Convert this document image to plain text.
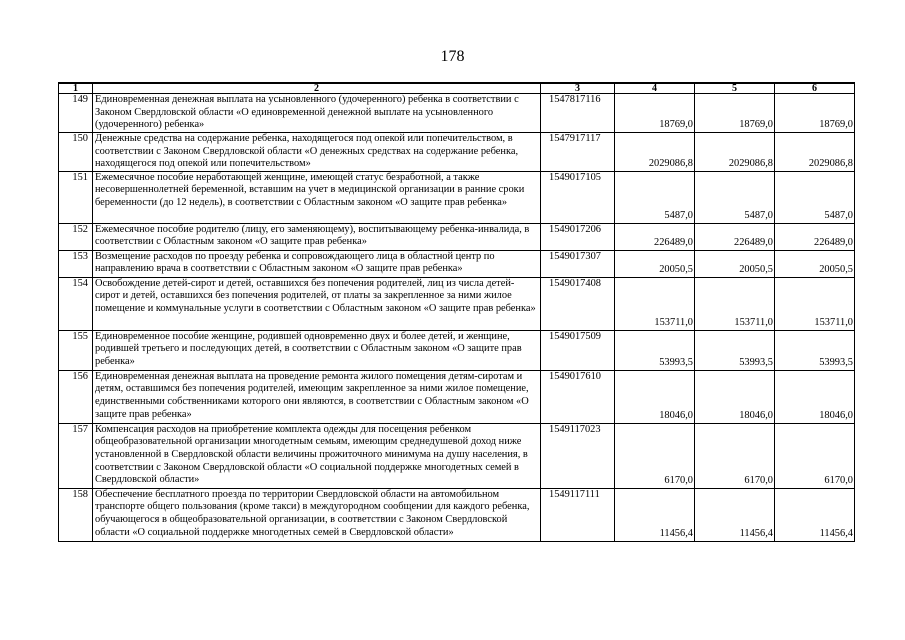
178
1	2	3	4	5	6
149	Единовременная денежная выплата на усыновленного (удочеренного) ребенка в соответствии с Законом Свердловской области «О единовременной денежной выплате на усыновленного (удочеренного) ребенка»	1547817116	18769,0	18769,0	18769,0
150	Денежные средства на содержание ребенка, находящегося под опекой или попечительством, в соответствии с Законом Свердловской области «О денежных средствах на содержание ребенка, находящегося под опекой или попечительством»	1547917117	2029086,8	2029086,8	2029086,8
151	Ежемесячное пособие неработающей женщине, имеющей статус безработной, а также несовершеннолетней беременной, вставшим на учет в медицинской организации в ранние сроки беременности (до 12 недель), в соответствии с Областным законом «О защите прав ребенка»	1549017105	5487,0	5487,0	5487,0
152	Ежемесячное пособие родителю (лицу, его заменяющему), воспитывающему ребенка-инвалида, в соответствии с Областным законом «О защите прав ребенка»	1549017206	226489,0	226489,0	226489,0
153	Возмещение расходов по проезду ребенка и сопровождающего лица в областной центр по направлению врача в соответствии с Областным законом «О защите прав ребенка»	1549017307	20050,5	20050,5	20050,5
154	Освобождение детей-сирот и детей, оставшихся без попечения родителей, лиц из числа детей-сирот и детей, оставшихся без попечения родителей, от платы за закрепленное за ними жилое помещение и коммунальные услуги в соответствии с Областным законом «О защите прав ребенка»	1549017408	153711,0	153711,0	153711,0
155	Единовременное пособие женщине, родившей одновременно двух и более детей, и женщине, родившей третьего и последующих детей, в соответствии с Областным законом «О защите прав ребенка»	1549017509	53993,5	53993,5	53993,5
156	Единовременная денежная выплата на проведение ремонта жилого помещения детям-сиротам и детям, оставшимся без попечения родителей, имеющим закрепленное за ними жилое помещение, единственными собственниками которого они являются, в соответствии с Областным законом «О защите прав ребенка»	1549017610	18046,0	18046,0	18046,0
157	Компенсация расходов на приобретение комплекта одежды для посещения ребенком общеобразовательной организации многодетным семьям, имеющим среднедушевой доход ниже установленной в Свердловской области величины прожиточного минимума на душу населения, в соответствии с Законом Свердловской области «О социальной поддержке многодетных семей в Свердловской области»	1549117023	6170,0	6170,0	6170,0
158	Обеспечение бесплатного проезда по территории Свердловской области на автомобильном транспорте общего пользования (кроме такси) в междугородном сообщении для каждого ребенка, обучающегося в общеобразовательной организации, в соответствии с Законом Свердловской области «О социальной поддержке многодетных семей в Свердловской области»	1549117111	11456,4	11456,4	11456,4
